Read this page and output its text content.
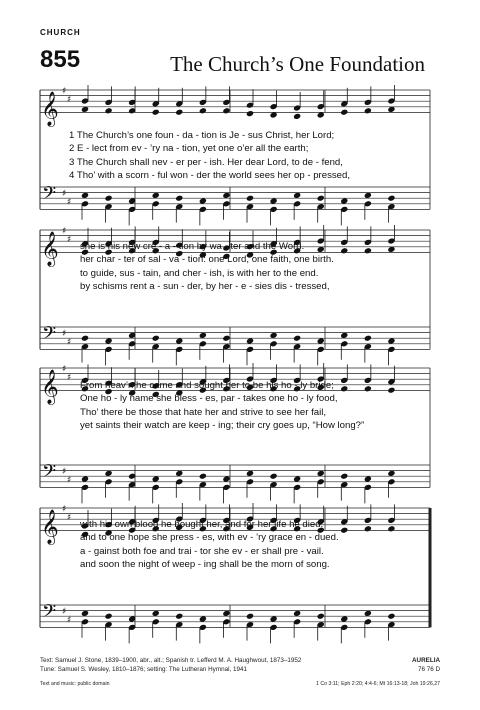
CHURCH
855	The Church’s One Foundation
𝄞
♯
♯
𝄢 ♯
♯
𝄞
♯
♯
𝄢 ♯
♯
𝄞
♯
♯
𝄢 ♯
♯
𝄞
♯
♯
𝄢 ♯
♯
1 The Church’s one foun - da - tion is Je - sus Christ, her Lord;
2 E - lect from ev - ’ry na - tion, yet one o’er all the earth;
3 The Church shall nev - er per - ish. Her dear Lord, to de - fend,
4 Tho’ with a scorn - ful won - der the world sees her op - pressed,
she is his new cre - a - tion by wa - ter and the Word.
her char - ter of sal - va - tion: one Lord, one faith, one birth.
to guide, sus - tain, and cher - ish, is with her to the end.
by schisms rent a - sun - der, by her - e - sies dis - tressed,
From heav’n he came and sought her to be his ho - ly bride;
One ho - ly name she bless - es, par - takes one ho - ly food,
Tho’ there be those that hate her and strive to see her fail,
yet saints their watch are keep - ing; their cry goes up, “How long?”
with his own blood he bought her, and for her life he died.
and to one hope she press - es, with ev - ’ry grace en - dued.
a - gainst both foe and trai - tor she ev - er shall pre - vail.
and soon the night of weep - ing shall be the morn of song.
Text: Samuel J. Stone, 1839–1900, abr., alt.; Spanish tr. Lefferd M. A. Haughwout, 1873–1952
Tune: Samuel S. Wesley, 1810–1876; setting: The Lutheran Hymnal, 1941
AURELIA
76 76 D
Text and music: public domain	1 Co 3:11; Eph 2:20; 4:4-6; Mt 16:13-18; Joh 19:26,27
